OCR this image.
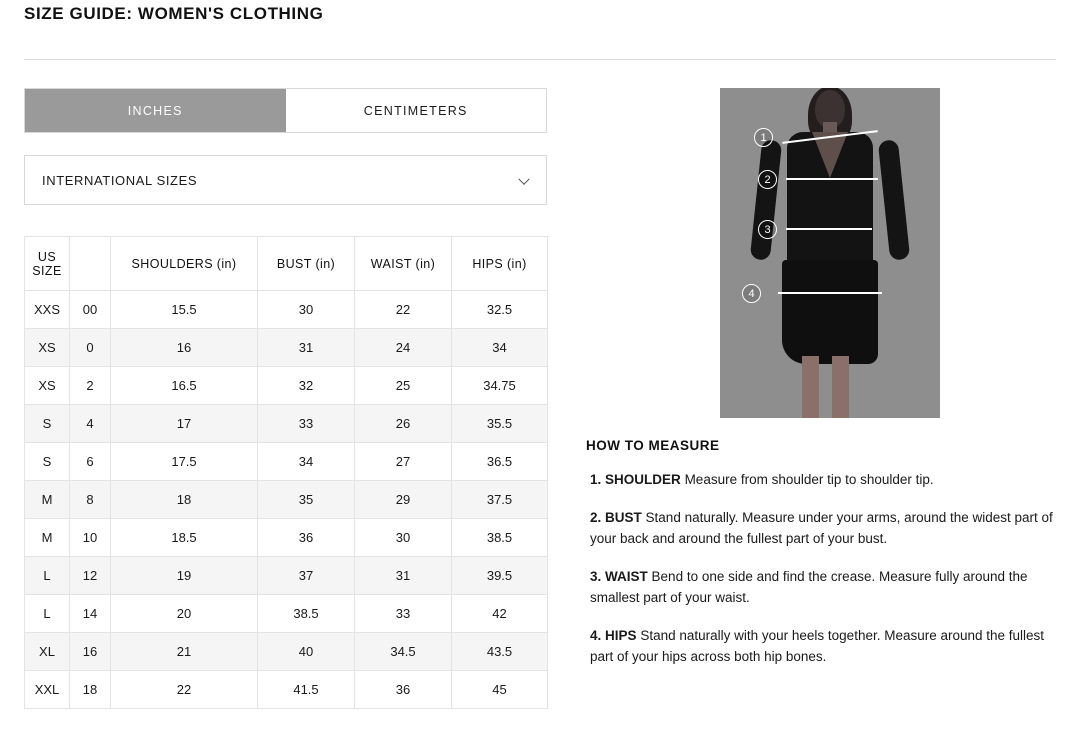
SIZE GUIDE: WOMEN'S CLOTHING
INCHES	CENTIMETERS
INTERNATIONAL SIZES
US SIZE		SHOULDERS (in)	BUST (in)	WAIST (in)	HIPS (in)
XXS	00	15.5	30	22	32.5
XS	0	16	31	24	34
XS	2	16.5	32	25	34.75
S	4	17	33	26	35.5
S	6	17.5	34	27	36.5
M	8	18	35	29	37.5
M	10	18.5	36	30	38.5
L	12	19	37	31	39.5
L	14	20	38.5	33	42
XL	16	21	40	34.5	43.5
XXL	18	22	41.5	36	45
1
2
3
4
HOW TO MEASURE
1. SHOULDER Measure from shoulder tip to shoulder tip.
2. BUST Stand naturally. Measure under your arms, around the widest part of your back and around the fullest part of your bust.
3. WAIST Bend to one side and find the crease. Measure fully around the smallest part of your waist.
4. HIPS Stand naturally with your heels together. Measure around the fullest part of your hips across both hip bones.
